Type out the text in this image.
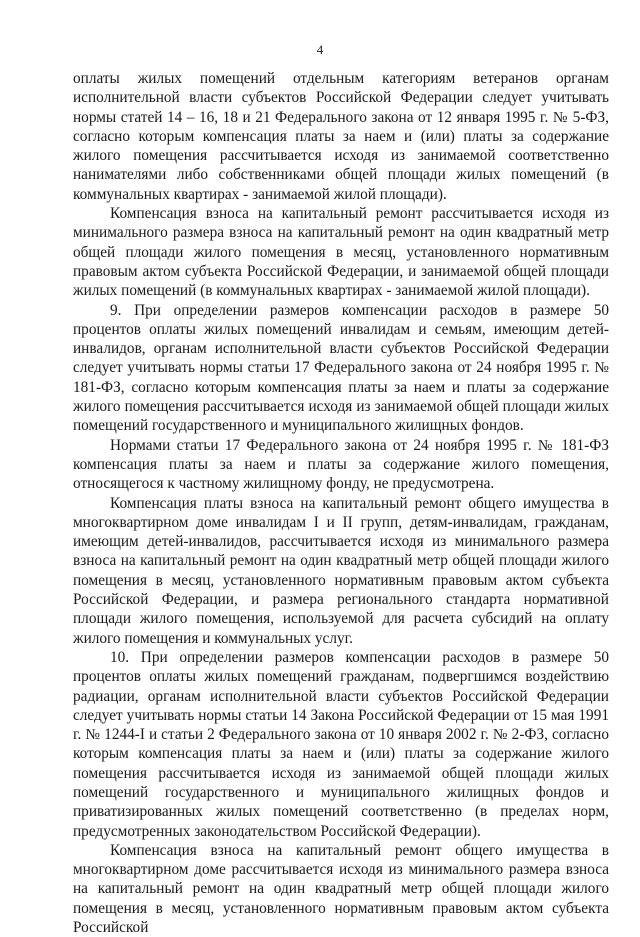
4

оплаты жилых помещений отдельным категориям ветеранов органам исполнительной власти субъектов Российской Федерации следует учитывать нормы статей 14 – 16, 18 и 21 Федерального закона от 12 января 1995 г. № 5-ФЗ, согласно которым компенсация платы за наем и (или) платы за содержание жилого помещения рассчитывается исходя из занимаемой соответственно нанимателями либо собственниками общей площади жилых помещений (в коммунальных квартирах - занимаемой жилой площади).

Компенсация взноса на капитальный ремонт рассчитывается исходя из минимального размера взноса на капитальный ремонт на один квадратный метр общей площади жилого помещения в месяц, установленного нормативным правовым актом субъекта Российской Федерации, и занимаемой общей площади жилых помещений (в коммунальных квартирах - занимаемой жилой площади).

9. При определении размеров компенсации расходов в размере 50 процентов оплаты жилых помещений инвалидам и семьям, имеющим детей-инвалидов, органам исполнительной власти субъектов Российской Федерации следует учитывать нормы статьи 17 Федерального закона от 24 ноября 1995 г. № 181-ФЗ, согласно которым компенсация платы за наем и платы за содержание жилого помещения рассчитывается исходя из занимаемой общей площади жилых помещений государственного и муниципального жилищных фондов.

Нормами статьи 17 Федерального закона от 24 ноября 1995 г. № 181-ФЗ компенсация платы за наем и платы за содержание жилого помещения, относящегося к частному жилищному фонду, не предусмотрена.

Компенсация платы взноса на капитальный ремонт общего имущества в многоквартирном доме инвалидам I и II групп, детям-инвалидам, гражданам, имеющим детей-инвалидов, рассчитывается исходя из минимального размера взноса на капитальный ремонт на один квадратный метр общей площади жилого помещения в месяц, установленного нормативным правовым актом субъекта Российской Федерации, и размера регионального стандарта нормативной площади жилого помещения, используемой для расчета субсидий на оплату жилого помещения и коммунальных услуг.

10. При определении размеров компенсации расходов в размере 50 процентов оплаты жилых помещений гражданам, подвергшимся воздействию радиации, органам исполнительной власти субъектов Российской Федерации следует учитывать нормы статьи 14 Закона Российской Федерации от 15 мая 1991 г. № 1244-I и статьи 2 Федерального закона от 10 января 2002 г. № 2-ФЗ, согласно которым компенсация платы за наем и (или) платы за содержание жилого помещения рассчитывается исходя из занимаемой общей площади жилых помещений государственного и муниципального жилищных фондов и приватизированных жилых помещений соответственно (в пределах норм, предусмотренных законодательством Российской Федерации).

Компенсация взноса на капитальный ремонт общего имущества в многоквартирном доме рассчитывается исходя из минимального размера взноса на капитальный ремонт на один квадратный метр общей площади жилого помещения в месяц, установленного нормативным правовым актом субъекта Российской
